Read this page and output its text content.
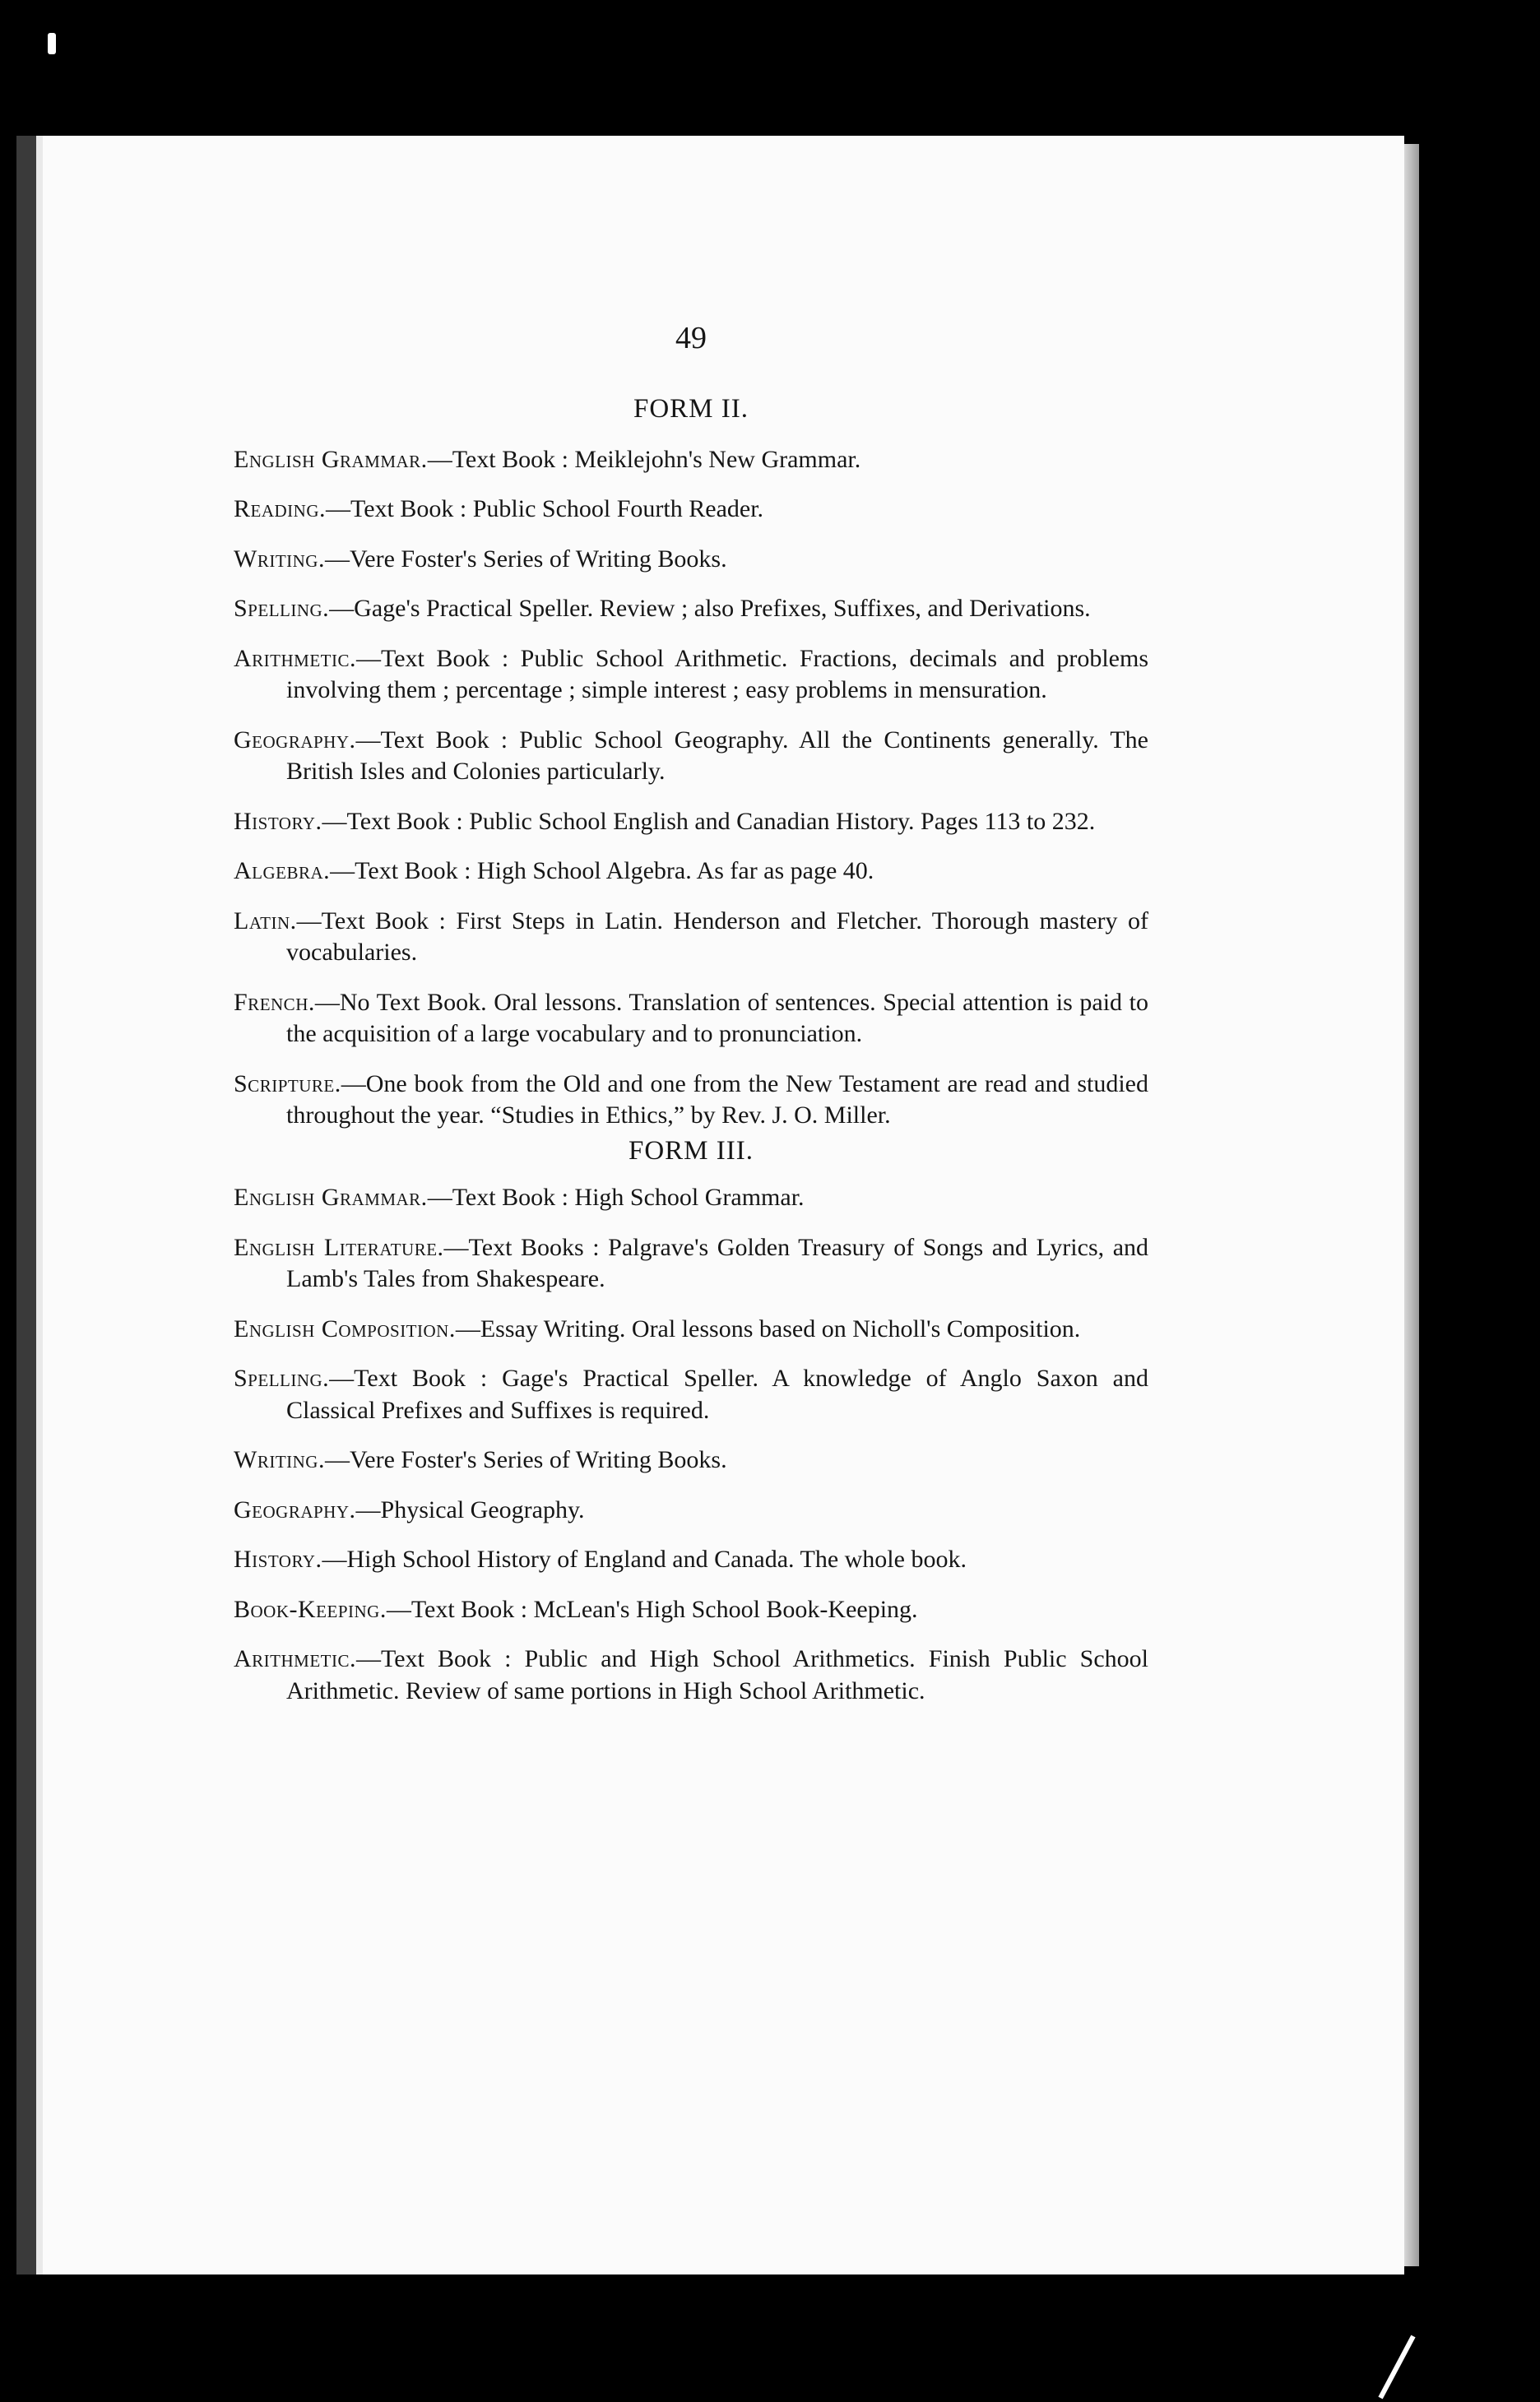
49
FORM II.

English Grammar.—Text Book : Meiklejohn's New Grammar.

Reading.—Text Book : Public School Fourth Reader.

Writing.—Vere Foster's Series of Writing Books.

Spelling.—Gage's Practical Speller. Review ; also Prefixes, Suffixes, and Derivations.

Arithmetic.—Text Book : Public School Arithmetic. Fractions, decimals and problems involving them ; percentage ; simple interest ; easy problems in mensuration.

Geography.—Text Book : Public School Geography. All the Continents generally. The British Isles and Colonies particularly.

History.—Text Book : Public School English and Canadian History. Pages 113 to 232.

Algebra.—Text Book : High School Algebra. As far as page 40.

Latin.—Text Book : First Steps in Latin. Henderson and Fletcher. Thorough mastery of vocabularies.

French.—No Text Book. Oral lessons. Translation of sentences. Special attention is paid to the acquisition of a large vocabulary and to pronunciation.

Scripture.—One book from the Old and one from the New Testament are read and studied throughout the year. “Studies in Ethics,” by Rev. J. O. Miller.

FORM III.

English Grammar.—Text Book : High School Grammar.

English Literature.—Text Books : Palgrave's Golden Treasury of Songs and Lyrics, and Lamb's Tales from Shakespeare.

English Composition.—Essay Writing. Oral lessons based on Nicholl's Composition.

Spelling.—Text Book : Gage's Practical Speller. A knowledge of Anglo Saxon and Classical Prefixes and Suffixes is required.

Writing.—Vere Foster's Series of Writing Books.

Geography.—Physical Geography.

History.—High School History of England and Canada. The whole book.

Book-Keeping.—Text Book : McLean's High School Book-Keeping.

Arithmetic.—Text Book : Public and High School Arithmetics. Finish Public School Arithmetic. Review of same portions in High School Arithmetic.
